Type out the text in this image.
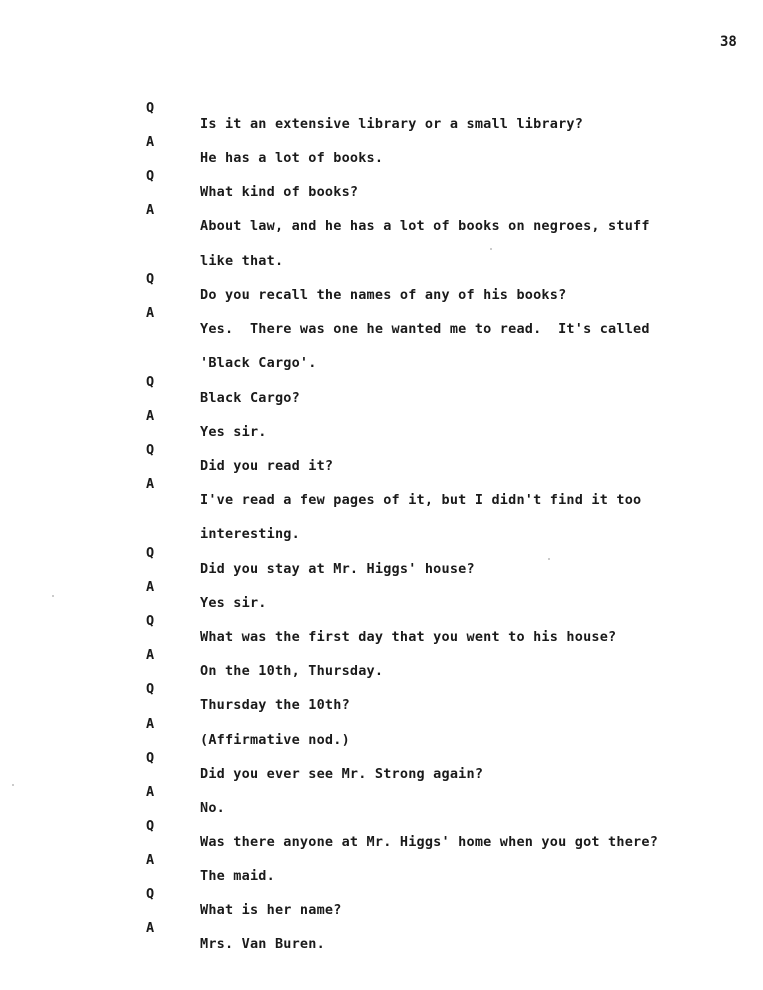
38

Q

Is it an extensive library or a small library?

A

He has a lot of books.

Q

What kind of books?

A

About law, and he has a lot of books on negroes, stuff

like that.

Q

Do you recall the names of any of his books?

A

Yes.  There was one he wanted me to read.  It's called

'Black Cargo'.

Q

Black Cargo?

A

Yes sir.

Q

Did you read it?

A

I've read a few pages of it, but I didn't find it too

interesting.

Q

Did you stay at Mr. Higgs' house?

A

Yes sir.

Q

What was the first day that you went to his house?

A

On the 10th, Thursday.

Q

Thursday the 10th?

A

(Affirmative nod.)

Q

Did you ever see Mr. Strong again?

A

No.

Q

Was there anyone at Mr. Higgs' home when you got there?

A

The maid.

Q

What is her name?

A

Mrs. Van Buren.
